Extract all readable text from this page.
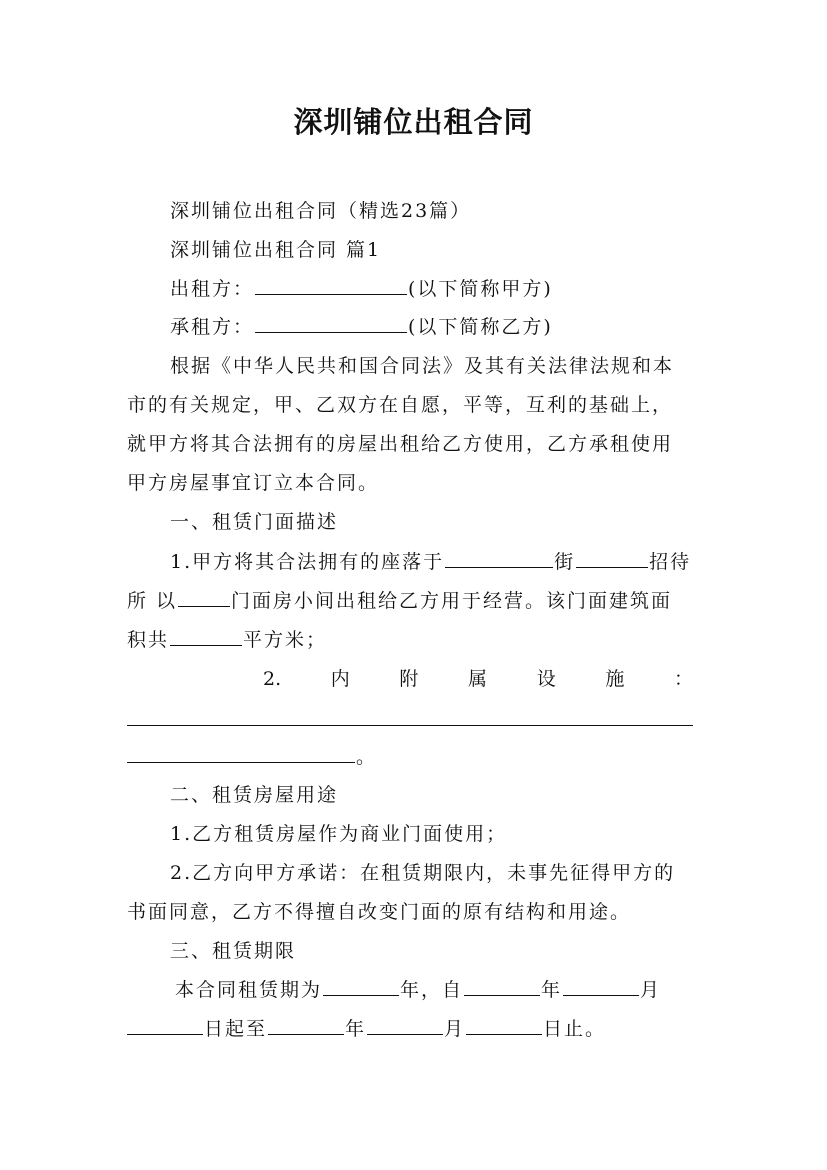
深圳铺位出租合同
深圳铺位出租合同（精选23篇）
深圳铺位出租合同 篇1
出租方：	(以下简称甲方)
承租方：	(以下简称乙方)
根据《中华人民共和国合同法》及其有关法律法规和本
市的有关规定，甲、乙双方在自愿，平等，互利的基础上，
就甲方将其合法拥有的房屋出租给乙方使用，乙方承租使用
甲方房屋事宜订立本合同。
一、租赁门面描述
1.甲方将其合法拥有的座落于	街	招待
所 以	门面房小间出租给乙方用于经营。该门面建筑面
积共	平方米；
2.	内	附	属	设	施	：
。
二、租赁房屋用途
1.乙方租赁房屋作为商业门面使用；
2.乙方向甲方承诺：在租赁期限内，未事先征得甲方的
书面同意，乙方不得擅自改变门面的原有结构和用途。
三、租赁期限
本合同租赁期为	年，自	年	月
日起至	年	月	日止。
